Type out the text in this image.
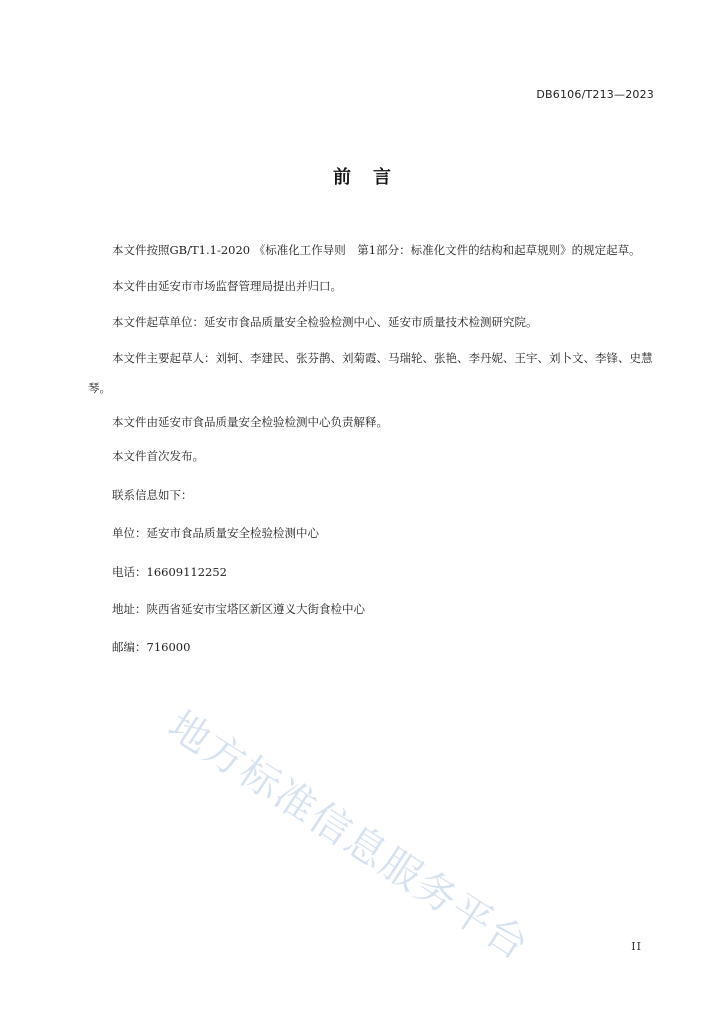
DB6106/T213—2023
前言
本文件按照GB/T1.1-2020 《标准化工作导则　第1部分：标准化文件的结构和起草规则》的规定起草。
本文件由延安市市场监督管理局提出并归口。
本文件起草单位：延安市食品质量安全检验检测中心、延安市质量技术检测研究院。
本文件主要起草人：刘轲、李建民、张芬鹊、刘菊霞、马瑞轮、张艳、李丹妮、王宇、刘卜文、李锋、史慧琴。
本文件由延安市食品质量安全检验检测中心负责解释。
本文件首次发布。
联系信息如下：
单位：延安市食品质量安全检验检测中心
电话：16609112252
地址：陕西省延安市宝塔区新区遵义大街食检中心
邮编：716000
地方标准信息服务平台	II
